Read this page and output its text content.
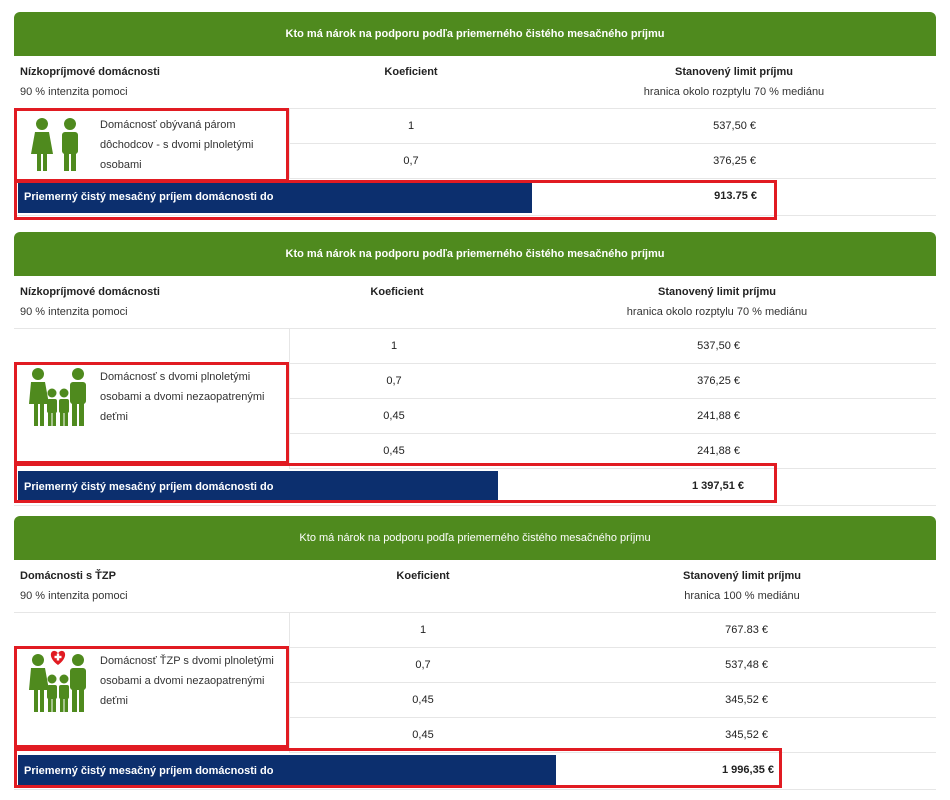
Kto má nárok na podporu podľa priemerného čistého mesačného príjmu
Nízkopríjmové domácnosti
90 % intenzita pomoci
Koeficient	Stanovený limit príjmu
hranica okolo rozptylu 70 % mediánu
1	537,50 €
0,7	376,25 €
Domácnosť obývaná párom dôchodcov - s dvomi plnoletými osobami
Priemerný čistý mesačný príjem domácnosti do	913.75 €
Kto má nárok na podporu podľa priemerného čistého mesačného príjmu
Nízkopríjmové domácnosti
90 % intenzita pomoci
Koeficient	Stanovený limit príjmu
hranica okolo rozptylu 70 % mediánu
1	537,50 €
0,7	376,25 €
0,45	241,88 €
0,45	241,88 €
Domácnosť s dvomi plnoletými osobami a dvomi nezaopatrenými deťmi
Priemerný čistý mesačný príjem domácnosti do	1 397,51 €
Kto má nárok na podporu podľa priemerného čistého mesačného príjmu
Domácnosti s ŤZP
90 % intenzita pomoci
Koeficient	Stanovený limit príjmu
hranica 100 % mediánu
1	767.83 €
0,7	537,48 €
0,45	345,52 €
0,45	345,52 €
Domácnosť ŤZP s dvomi plnoletými osobami a dvomi nezaopatrenými deťmi
Priemerný čistý mesačný príjem domácnosti do	1 996,35 €
